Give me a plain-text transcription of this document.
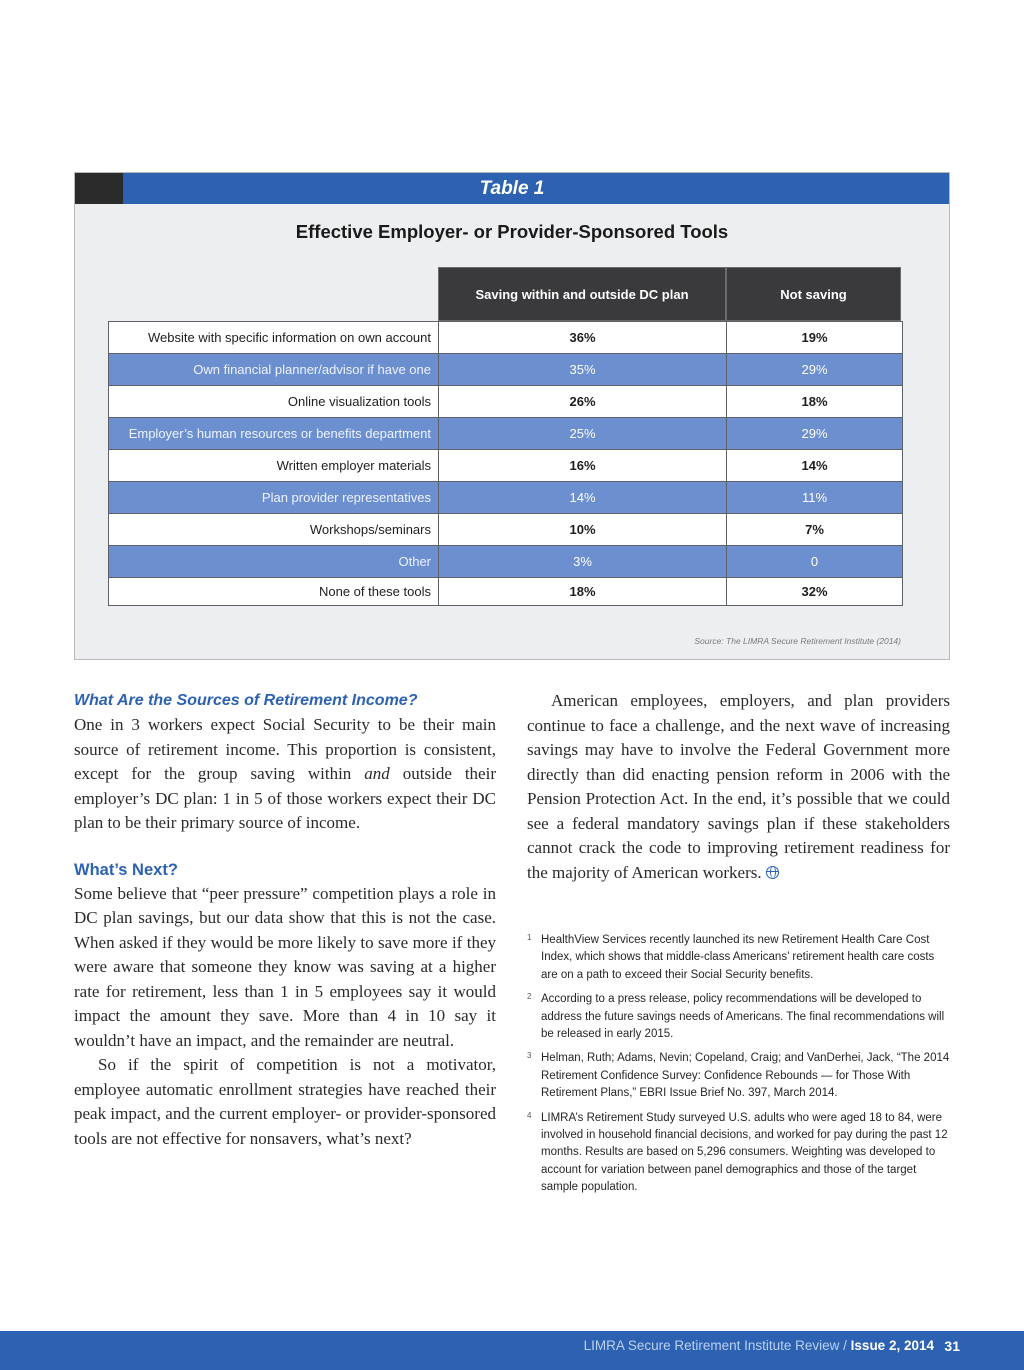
Table 1
Effective Employer- or Provider-Sponsored Tools
Saving within and outside DC plan	Not saving
Website with specific information on own account	36%	19%
Own financial planner/advisor if have one	35%	29%
Online visualization tools	26%	18%
Employer’s human resources or benefits department	25%	29%
Written employer materials	16%	14%
Plan provider representatives	14%	11%
Workshops/seminars	10%	7%
Other	3%	0
None of these tools	18%	32%
Source: The LIMRA Secure Retirement Institute (2014)
What Are the Sources of Retirement Income?

One in 3 workers expect Social Security to be their main source of retirement income. This proportion is consistent, except for the group saving within and outside their employer’s DC plan: 1 in 5 of those workers expect their DC plan to be their primary source of income.

What’s Next?

Some believe that “peer pressure” competition plays a role in DC plan savings, but our data show that this is not the case. When asked if they would be more likely to save more if they were aware that someone they know was saving at a higher rate for retirement, less than 1 in 5 employees say it would impact the amount they save. More than 4 in 10 say it wouldn’t have an impact, and the remainder are neutral.

So if the spirit of competition is not a motivator, employee automatic enrollment strategies have reached their peak impact, and the current employer- or provider-sponsored tools are not effective for nonsavers, what’s next?

American employees, employers, and plan providers continue to face a challenge, and the next wave of increasing savings may have to involve the Federal Government more directly than did enacting pension reform in 2006 with the Pension Protection Act. In the end, it’s possible that we could see a federal mandatory savings plan if these stakeholders cannot crack the code to improving retirement readiness for the majority of American workers.

1 HealthView Services recently launched its new Retirement Health Care Cost Index, which shows that middle-class Americans’ retirement health care costs are on a path to exceed their Social Security benefits.
2 According to a press release, policy recommendations will be developed to address the future savings needs of Americans. The final recommendations will be released in early 2015.
3 Helman, Ruth; Adams, Nevin; Copeland, Craig; and VanDerhei, Jack, “The 2014 Retirement Confidence Survey: Confidence Rebounds — for Those With Retirement Plans,” EBRI Issue Brief No. 397, March 2014.
4 LIMRA’s Retirement Study surveyed U.S. adults who were aged 18 to 84, were involved in household financial decisions, and worked for pay during the past 12 months. Results are based on 5,296 consumers. Weighting was developed to account for variation between panel demographics and those of the target sample population.
LIMRA Secure Retirement Institute Review / Issue 2, 2014 31
